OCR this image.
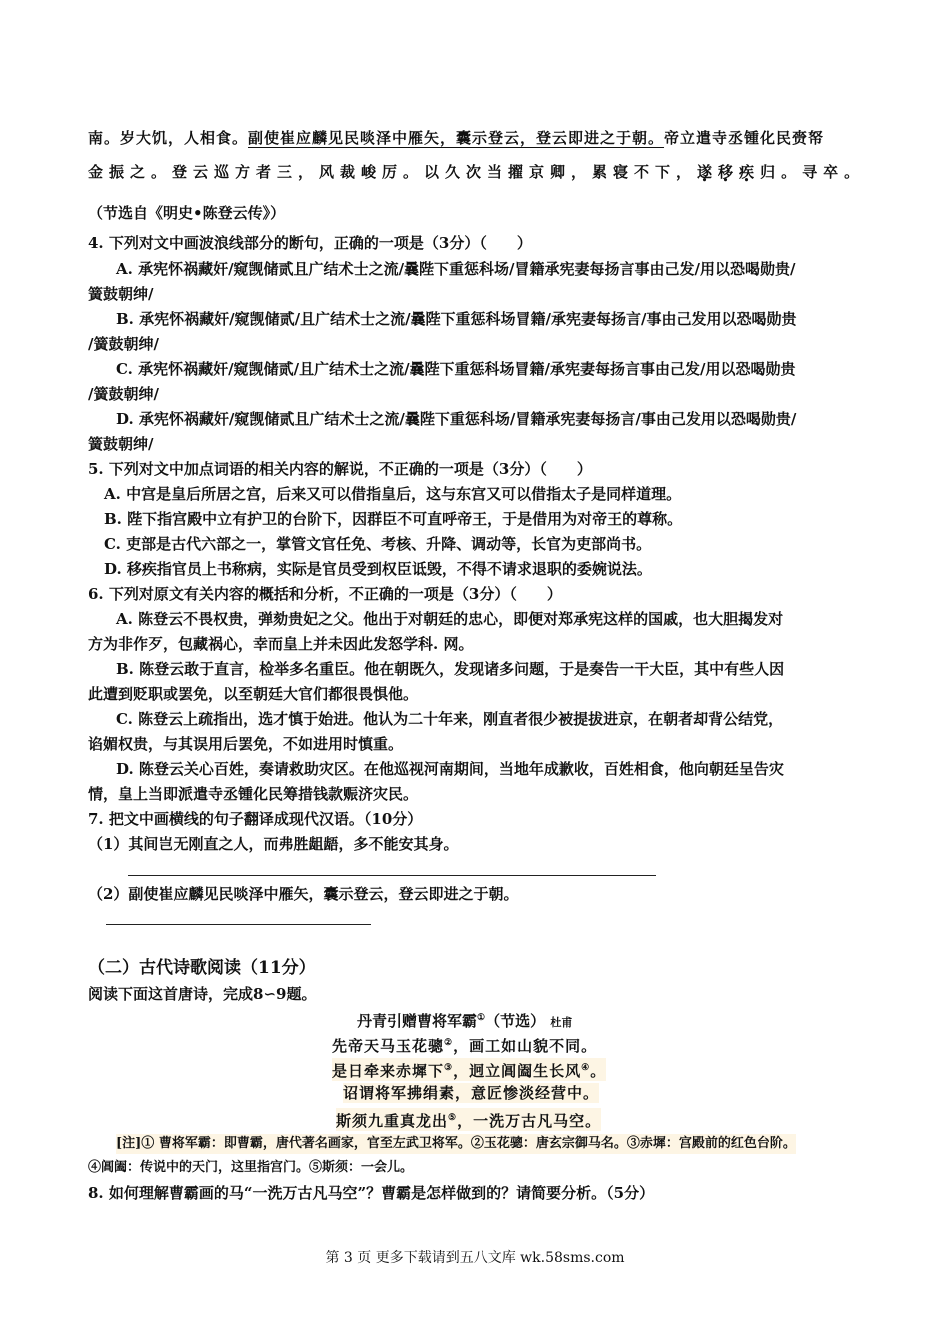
南。岁大饥，人相食。副使崔应麟见民啖泽中雁矢，囊示登云，登云即进之于朝。帝立遣寺丞锺化民赍帑
金振之。登云巡方者三，风裁峻厉。以久次当擢京卿，累寝不下，遂移疾归。寻卒。
（节选自《明史•陈登云传》）
4. 下列对文中画波浪线部分的断句，正确的一项是（3分）（　　）
A. 承宪怀祸藏奸/窥觊储贰且广结术士之流/曩陛下重惩科场/冒籍承宪妻每扬言事由己发/用以恐喝勋贵/
簧鼓朝绅/
B. 承宪怀祸藏奸/窥觊储贰/且广结术士之流/曩陛下重惩科场冒籍/承宪妻每扬言/事由己发用以恐喝勋贵
/簧鼓朝绅/
C. 承宪怀祸藏奸/窥觊储贰/且广结术士之流/曩陛下重惩科场冒籍/承宪妻每扬言事由己发/用以恐喝勋贵
/簧鼓朝绅/
D. 承宪怀祸藏奸/窥觊储贰且广结术士之流/曩陛下重惩科场/冒籍承宪妻每扬言/事由己发用以恐喝勋贵/
簧鼓朝绅/
5. 下列对文中加点词语的相关内容的解说，不正确的一项是（3分）（　　）
A. 中宫是皇后所居之宫，后来又可以借指皇后，这与东宫又可以借指太子是同样道理。
B. 陛下指宫殿中立有护卫的台阶下，因群臣不可直呼帝王，于是借用为对帝王的尊称。
C. 吏部是古代六部之一，掌管文官任免、考核、升降、调动等，长官为吏部尚书。
D. 移疾指官员上书称病，实际是官员受到权臣诋毁，不得不请求退职的委婉说法。
6. 下列对原文有关内容的概括和分析，不正确的一项是（3分）（　　）
A. 陈登云不畏权贵，弹劾贵妃之父。他出于对朝廷的忠心，即便对郑承宪这样的国戚，也大胆揭发对
方为非作歹，包藏祸心，幸而皇上并未因此发怒学科. 网。
B. 陈登云敢于直言，检举多名重臣。他在朝既久，发现诸多问题，于是奏告一干大臣，其中有些人因
此遭到贬职或罢免，以至朝廷大官们都很畏惧他。
C. 陈登云上疏指出，选才慎于始进。他认为二十年来，刚直者很少被提拔进京，在朝者却背公结党，
谄媚权贵，与其误用后罢免，不如进用时慎重。
D. 陈登云关心百姓，奏请救助灾区。在他巡视河南期间，当地年成歉收，百姓相食，他向朝廷呈告灾
情，皇上当即派遣寺丞锺化民筹措钱款赈济灾民。
7. 把文中画横线的句子翻译成现代汉语。（10分）
（1）其间岂无刚直之人，而弗胜龃龉，多不能安其身。
（2）副使崔应麟见民啖泽中雁矢，囊示登云，登云即进之于朝。
（二）古代诗歌阅读（11分）
阅读下面这首唐诗，完成8∽9题。
丹青引赠曹将军霸①（节选） 杜甫
先帝天马玉花骢②，画工如山貌不同。
是日牵来赤墀下③，迥立阊阖生长风④。
诏谓将军拂绢素，意匠惨淡经营中。
斯须九重真龙出⑤，一洗万古凡马空。
[注]① 曹将军霸：即曹霸，唐代著名画家，官至左武卫将军。②玉花骢：唐玄宗御马名。③赤墀：宫殿前的红色台阶。
④阊阖：传说中的天门，这里指宫门。⑤斯须：一会儿。
8. 如何理解曹霸画的马“一洗万古凡马空”？曹霸是怎样做到的？请简要分析。（5分）
第 3 页 更多下载请到五八文库 wk.58sms.com
